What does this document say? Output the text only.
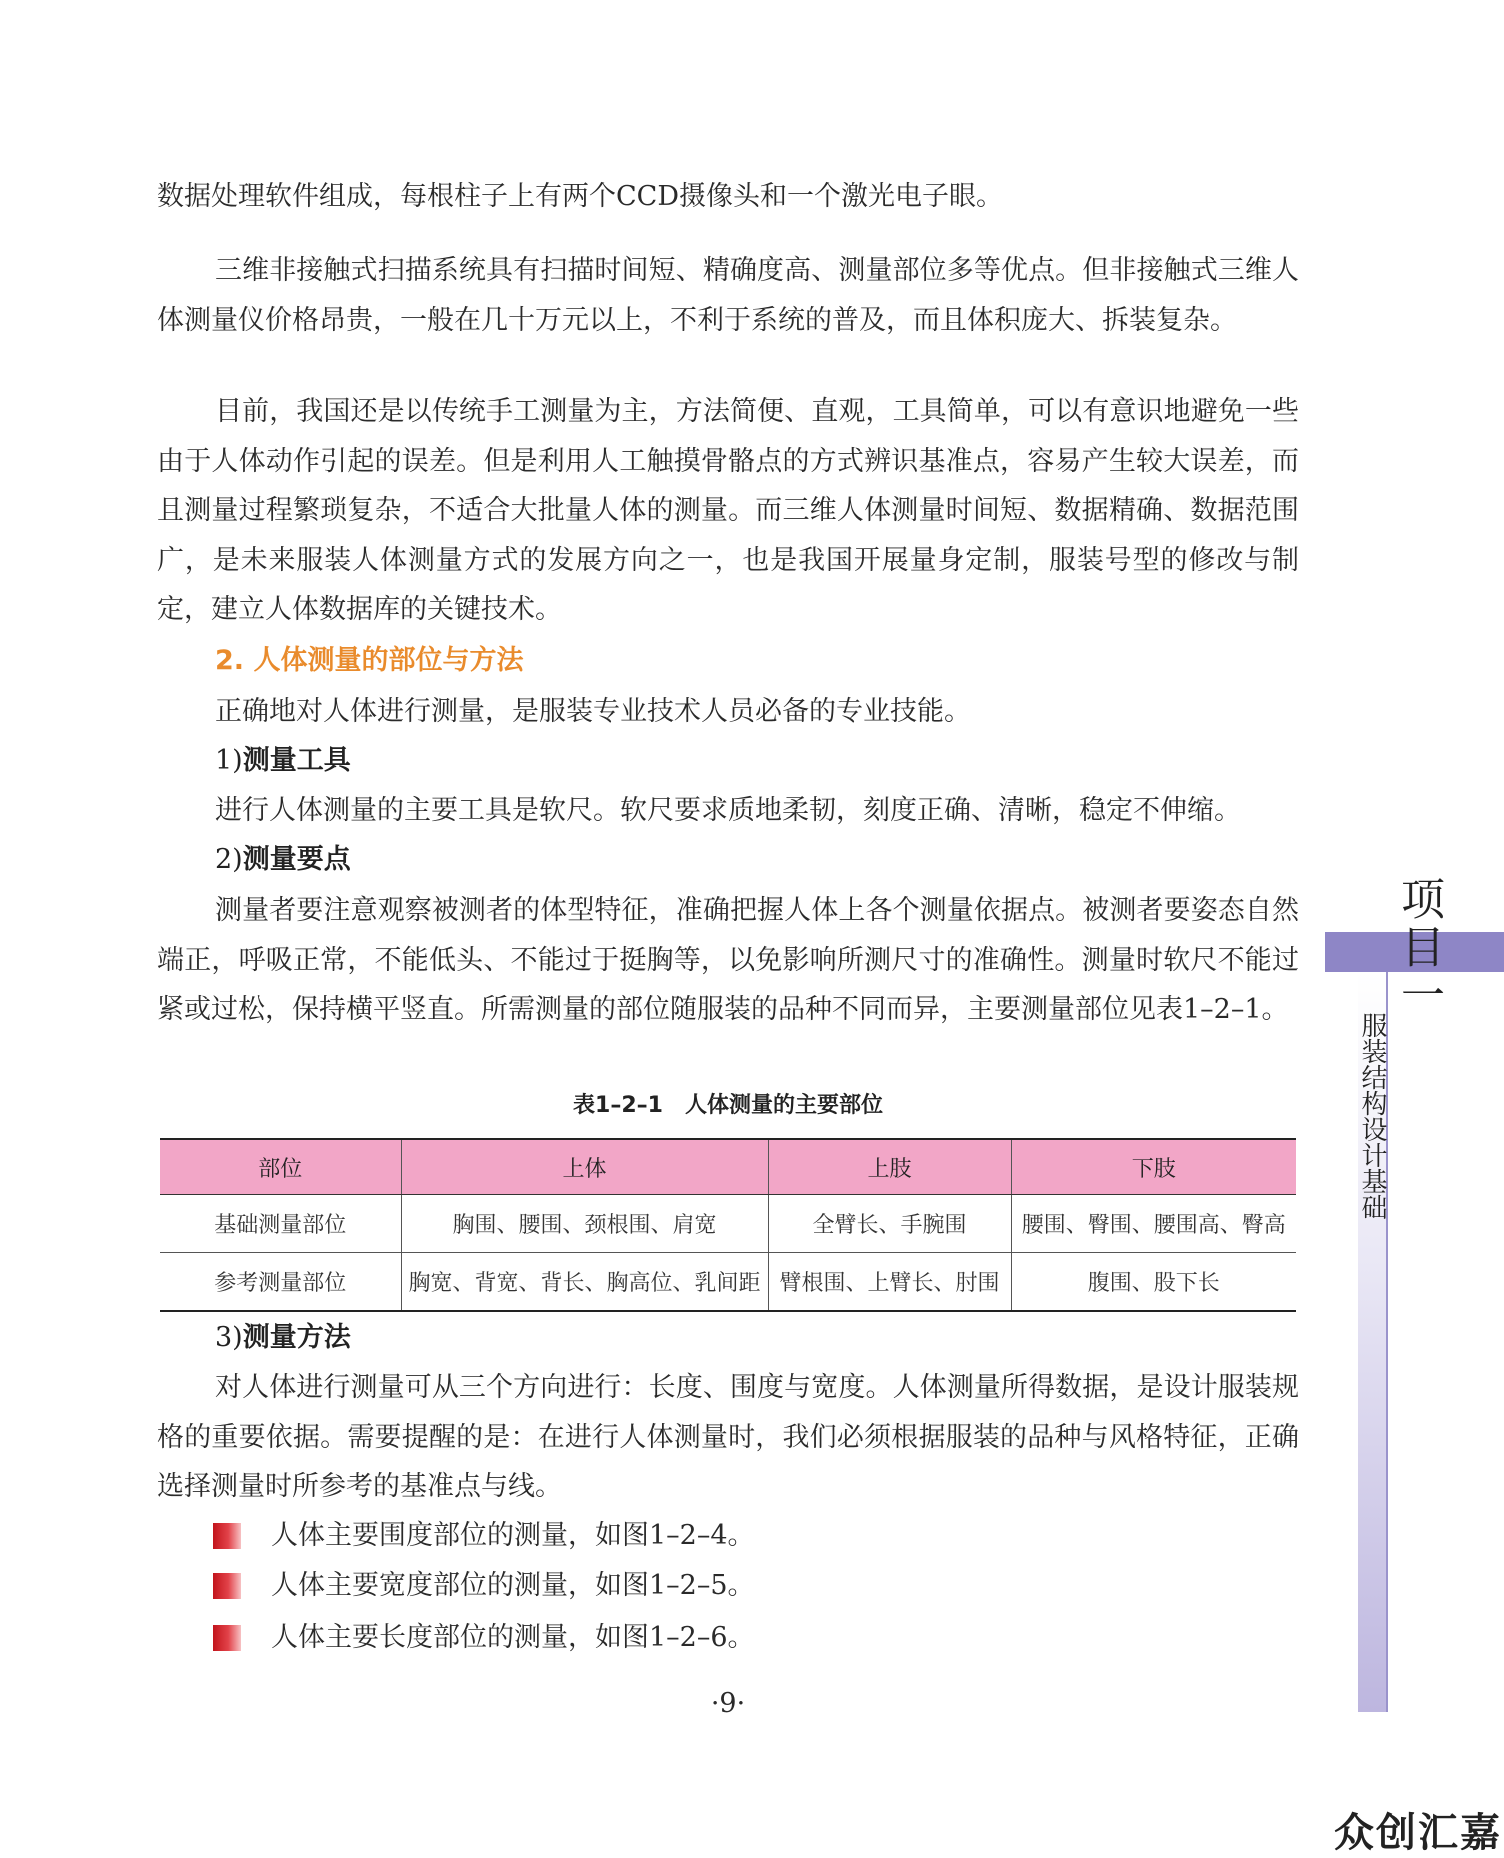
数据处理软件组成，每根柱子上有两个CCD摄像头和一个激光电子眼。

三维非接触式扫描系统具有扫描时间短、精确度高、测量部位多等优点。但非接触式三维人体测量仪价格昂贵，一般在几十万元以上，不利于系统的普及，而且体积庞大、拆装复杂。

目前，我国还是以传统手工测量为主，方法简便、直观，工具简单，可以有意识地避免一些由于人体动作引起的误差。但是利用人工触摸骨骼点的方式辨识基准点，容易产生较大误差，而且测量过程繁琐复杂，不适合大批量人体的测量。而三维人体测量时间短、数据精确、数据范围广，是未来服装人体测量方式的发展方向之一，也是我国开展量身定制，服装号型的修改与制定，建立人体数据库的关键技术。

2. 人体测量的部位与方法

正确地对人体进行测量，是服装专业技术人员必备的专业技能。

1)测量工具

进行人体测量的主要工具是软尺。软尺要求质地柔韧，刻度正确、清晰，稳定不伸缩。

2)测量要点

测量者要注意观察被测者的体型特征，准确把握人体上各个测量依据点。被测者要姿态自然端正，呼吸正常，不能低头、不能过于挺胸等，以免影响所测尺寸的准确性。测量时软尺不能过紧或过松，保持横平竖直。所需测量的部位随服装的品种不同而异，主要测量部位见表1–2–1。

表1–2–1　人体测量的主要部位
部位	上体	上肢	下肢
基础测量部位	胸围、腰围、颈根围、肩宽	全臂长、手腕围	腰围、臀围、腰围高、臀高
参考测量部位	胸宽、背宽、背长、胸高位、乳间距	臂根围、上臂长、肘围	腹围、股下长
3)测量方法

对人体进行测量可从三个方向进行：长度、围度与宽度。人体测量所得数据，是设计服装规格的重要依据。需要提醒的是：在进行人体测量时，我们必须根据服装的品种与风格特征，正确选择测量时所参考的基准点与线。

人体主要围度部位的测量，如图1–2–4。
人体主要宽度部位的测量，如图1–2–5。
人体主要长度部位的测量，如图1–2–6。
·9·
项目一
服装结构设计基础
众创汇嘉
